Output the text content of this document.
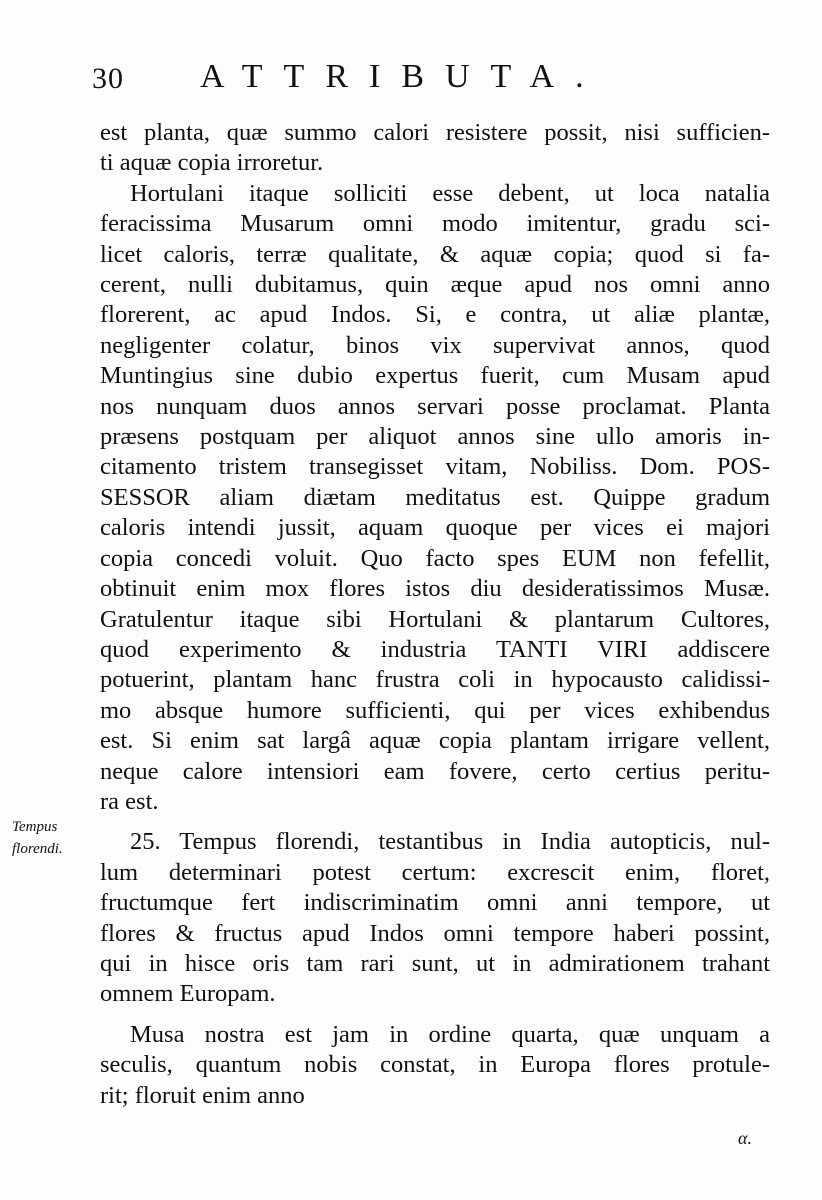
30 ATTRIBUTA.
Tempus
florendi.
est planta, quæ summo calori resistere possit, nisi sufficien-
ti aquæ copia irroretur.
Hortulani itaque solliciti esse debent, ut loca natalia
feracissima Musarum omni modo imitentur, gradu sci-
licet caloris, terræ qualitate, & aquæ copia; quod si fa-
cerent, nulli dubitamus, quin æque apud nos omni anno
florerent, ac apud Indos. Si, e contra, ut aliæ plantæ,
negligenter colatur, binos vix supervivat annos, quod
Muntingius sine dubio expertus fuerit, cum Musam apud
nos nunquam duos annos servari posse proclamat. Planta
præsens postquam per aliquot annos sine ullo amoris in-
citamento tristem transegisset vitam, Nobiliss. Dom. POS-
SESSOR aliam diætam meditatus est. Quippe gradum
caloris intendi jussit, aquam quoque per vices ei majori
copia concedi voluit. Quo facto spes EUM non fefellit,
obtinuit enim mox flores istos diu desideratissimos Musæ.
Gratulentur itaque sibi Hortulani & plantarum Cultores,
quod experimento & industria TANTI VIRI addiscere
potuerint, plantam hanc frustra coli in hypocausto calidissi-
mo absque humore sufficienti, qui per vices exhibendus
est. Si enim sat largâ aquæ copia plantam irrigare vellent,
neque calore intensiori eam fovere, certo certius peritu-
ra est.
25. Tempus florendi, testantibus in India autopticis, nul-
lum determinari potest certum: excrescit enim, floret,
fructumque fert indiscriminatim omni anni tempore, ut
flores & fructus apud Indos omni tempore haberi possint,
qui in hisce oris tam rari sunt, ut in admirationem trahant
omnem Europam.
Musa nostra est jam in ordine quarta, quæ unquam a
seculis, quantum nobis constat, in Europa flores protule-
rit; floruit enim anno
α.
